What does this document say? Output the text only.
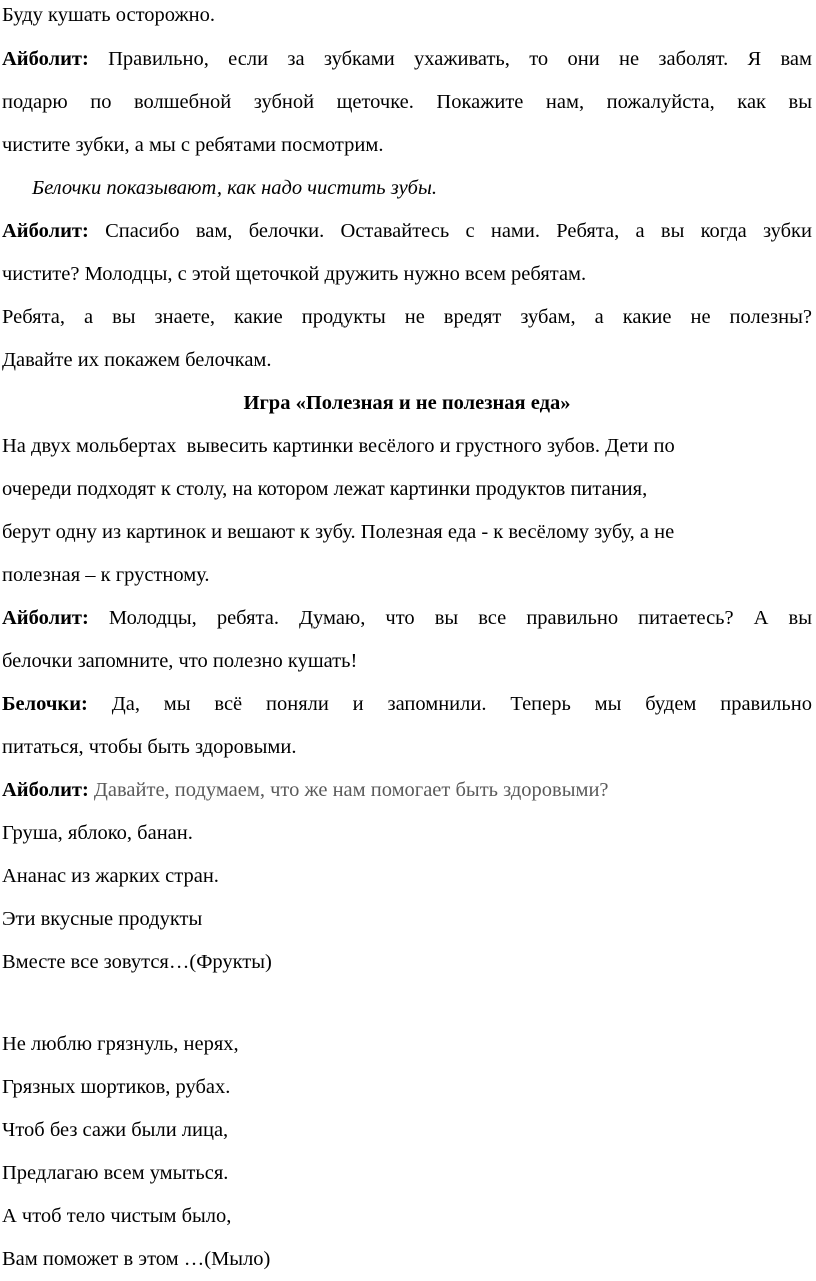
Буду кушать осторожно.
Айболит: Правильно, если за зубками ухаживать, то они не заболят. Я вам
подарю по волшебной зубной щеточке. Покажите нам, пожалуйста, как вы
чистите зубки, а мы с ребятами посмотрим.
Белочки показывают, как надо чистить зубы.
Айболит: Спасибо вам, белочки. Оставайтесь с нами. Ребята, а вы когда зубки
чистите? Молодцы, с этой щеточкой дружить нужно всем ребятам.
Ребята, а вы знаете, какие продукты не вредят зубам, а какие не полезны?
Давайте их покажем белочкам.
Игра «Полезная и не полезная еда»
На двух мольбертах  вывесить картинки весёлого и грустного зубов. Дети по
очереди подходят к столу, на котором лежат картинки продуктов питания,
берут одну из картинок и вешают к зубу. Полезная еда - к весёлому зубу, а не
полезная – к грустному.
Айболит: Молодцы, ребята. Думаю, что вы все правильно питаетесь? А вы
белочки запомните, что полезно кушать!
Белочки: Да, мы всё поняли и запомнили. Теперь мы будем правильно
питаться, чтобы быть здоровыми.
Айболит: Давайте, подумаем, что же нам помогает быть здоровыми?
Груша, яблоко, банан.
Ананас из жарких стран.
Эти вкусные продукты
Вместе все зовутся…(Фрукты)
Не люблю грязнуль, нерях,
Грязных шортиков, рубах.
Чтоб без сажи были лица,
Предлагаю всем умыться.
А чтоб тело чистым было,
Вам поможет в этом …(Мыло)
